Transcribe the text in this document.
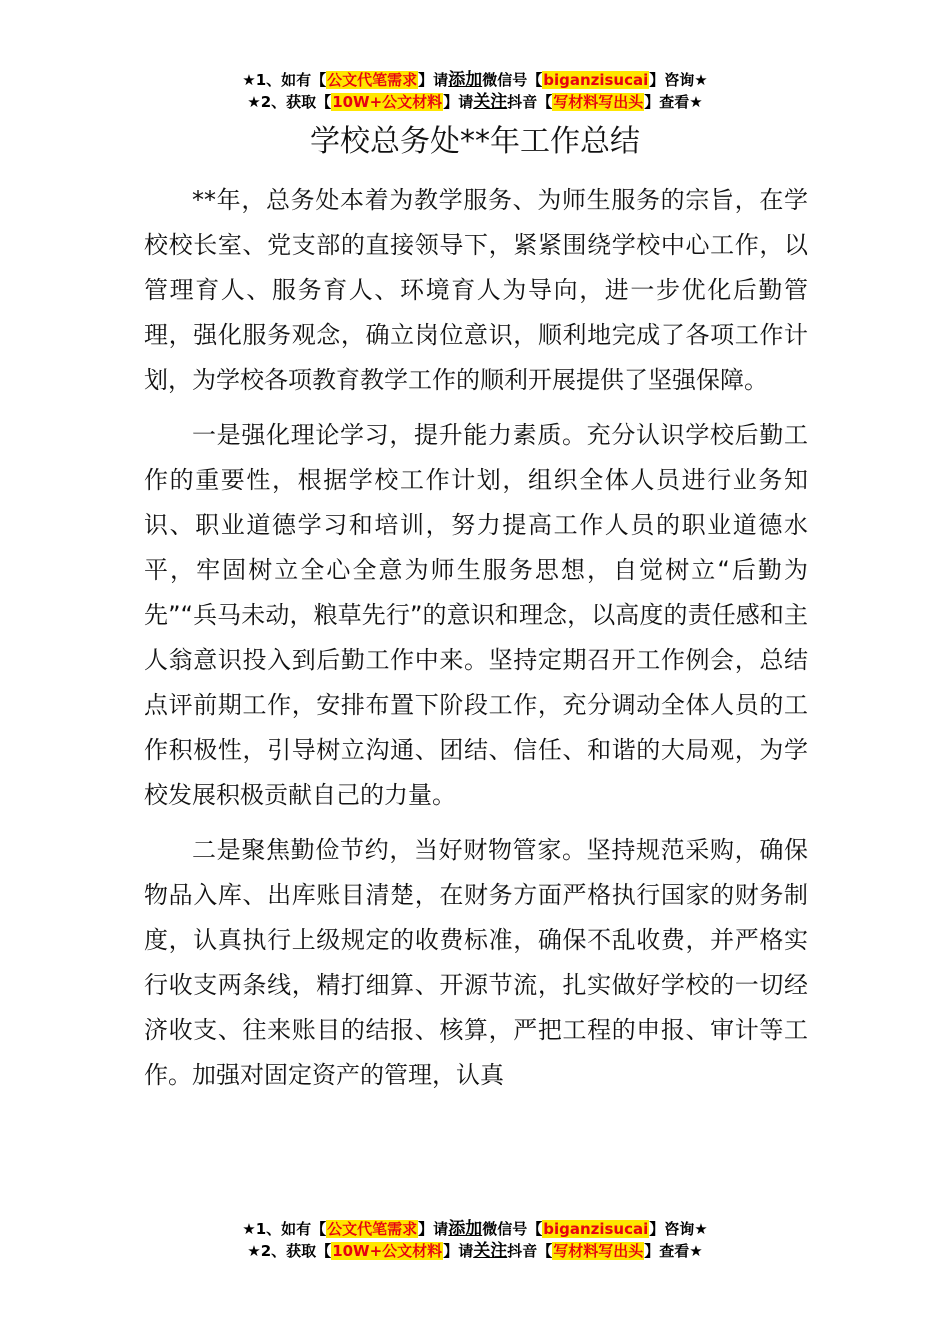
★1、如有【公文代笔需求】请添加微信号【biganzisucai】咨询★
★2、获取【10W+公文材料】请关注抖音【写材料写出头】查看★
学校总务处**年工作总结

**年，总务处本着为教学服务、为师生服务的宗旨，在学校校长室、党支部的直接领导下，紧紧围绕学校中心工作，以管理育人、服务育人、环境育人为导向，进一步优化后勤管理，强化服务观念，确立岗位意识，顺利地完成了各项工作计划，为学校各项教育教学工作的顺利开展提供了坚强保障。

一是强化理论学习，提升能力素质。充分认识学校后勤工作的重要性，根据学校工作计划，组织全体人员进行业务知识、职业道德学习和培训，努力提高工作人员的职业道德水平，牢固树立全心全意为师生服务思想，自觉树立“后勤为先”“兵马未动，粮草先行”的意识和理念，以高度的责任感和主人翁意识投入到后勤工作中来。坚持定期召开工作例会，总结点评前期工作，安排布置下阶段工作，充分调动全体人员的工作积极性，引导树立沟通、团结、信任、和谐的大局观，为学校发展积极贡献自己的力量。

二是聚焦勤俭节约，当好财物管家。坚持规范采购，确保物品入库、出库账目清楚，在财务方面严格执行国家的财务制度，认真执行上级规定的收费标准，确保不乱收费，并严格实行收支两条线，精打细算、开源节流，扎实做好学校的一切经济收支、往来账目的结报、核算，严把工程的申报、审计等工作。加强对固定资产的管理，认真

★1、如有【公文代笔需求】请添加微信号【biganzisucai】咨询★
★2、获取【10W+公文材料】请关注抖音【写材料写出头】查看★
